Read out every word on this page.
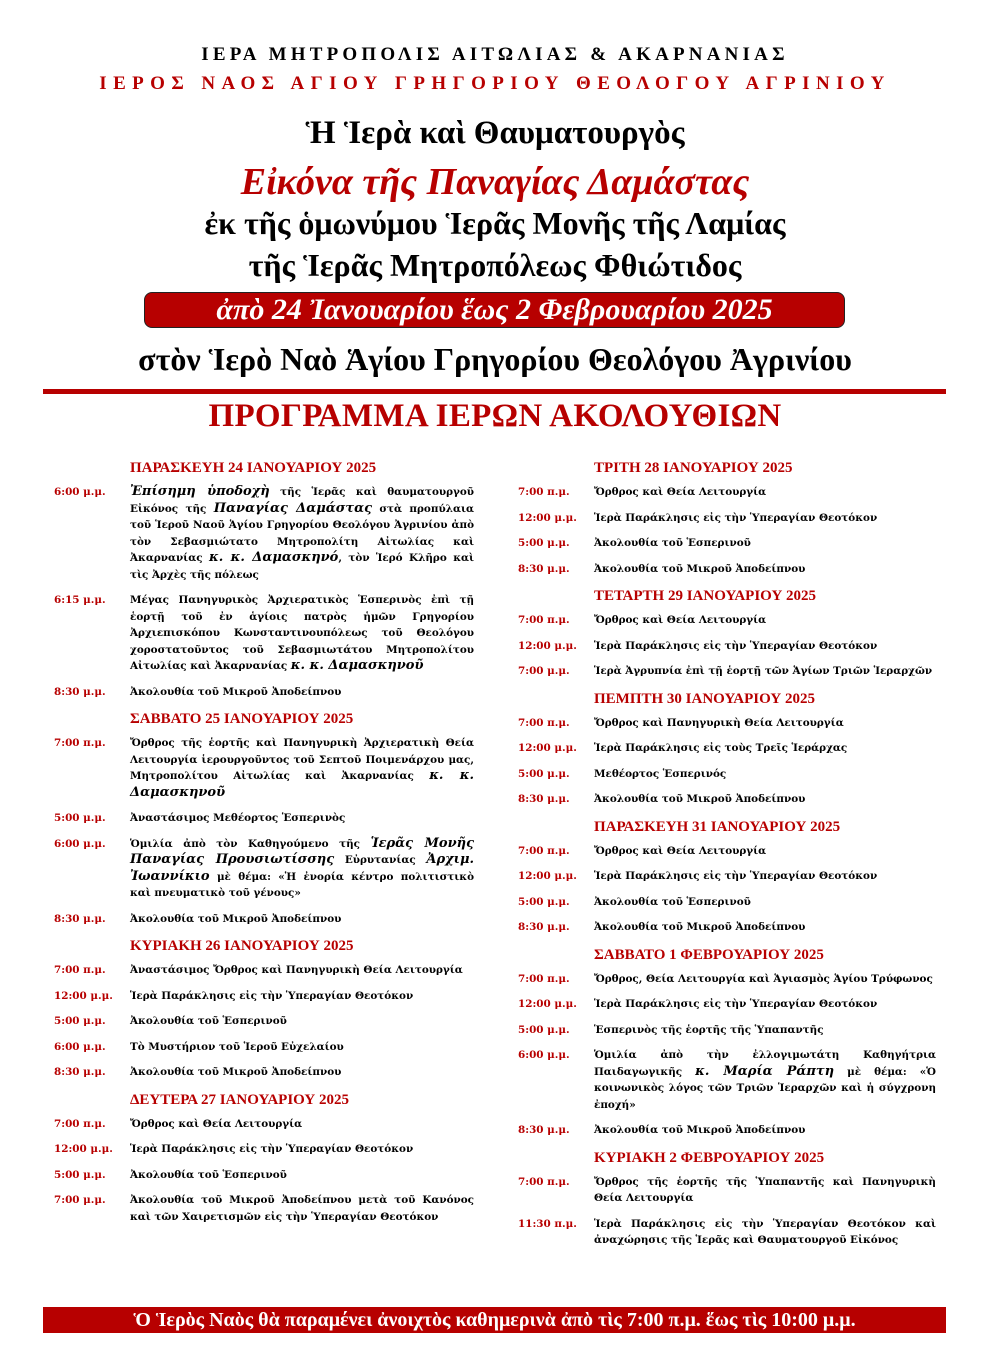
ΙΕΡΑ ΜΗΤΡΟΠΟΛΙΣ ΑΙΤΩΛΙΑΣ & ΑΚΑΡΝΑΝΙΑΣ
ΙΕΡΟΣ ΝΑΟΣ ΑΓΙΟΥ ΓΡΗΓΟΡΙΟΥ ΘΕΟΛΟΓΟΥ ΑΓΡΙΝΙΟΥ
Ἡ Ἱερὰ καὶ Θαυματουργὸς
Εἰκόνα τῆς Παναγίας Δαμάστας
ἐκ τῆς ὁμωνύμου Ἱερᾶς Μονῆς τῆς Λαμίας
τῆς Ἱερᾶς Μητροπόλεως Φθιώτιδος
ἀπὸ 24 Ἰανουαρίου ἕως 2 Φεβρουαρίου 2025
στὸν Ἱερὸ Ναὸ Ἁγίου Γρηγορίου Θεολόγου Ἀγρινίου
ΠΡΟΓΡΑΜΜΑ ΙΕΡΩΝ ΑΚΟΛΟΥΘΙΩΝ
ΠΑΡΑΣΚΕΥΗ 24 ΙΑΝΟΥΑΡΙΟΥ 2025
6:00 μ.μ.	Ἐπίσημη ὑποδοχὴ τῆς Ἱερᾶς καὶ θαυματουργοῦ Εἰκόνος τῆς Παναγίας Δαμάστας στὰ προπύλαια τοῦ Ἱεροῦ Ναοῦ Ἁγίου Γρηγορίου Θεολόγου Ἀγρινίου ἀπὸ τὸν Σεβασμιώτατο Μητροπολίτη Αἰτωλίας καὶ Ἀκαρνανίας κ. κ. Δαμασκηνό, τὸν Ἱερό Κλῆρο καὶ τὶς Ἀρχὲς τῆς πόλεως
6:15 μ.μ.	Μέγας Πανηγυρικὸς Ἀρχιερατικὸς Ἑσπερινὸς ἐπὶ τῇ ἑορτῇ τοῦ ἐν ἁγίοις πατρὸς ἡμῶν Γρηγορίου Ἀρχιεπισκόπου Κωνσταντινουπόλεως τοῦ Θεολόγου χοροστατοῦντος τοῦ Σεβασμιωτάτου Μητροπολίτου Αἰτωλίας καὶ Ἀκαρνανίας κ. κ. Δαμασκηνοῦ
8:30 μ.μ.	Ἀκολουθία τοῦ Μικροῦ Ἀποδείπνου
ΣΑΒΒΑΤΟ 25 ΙΑΝΟΥΑΡΙΟΥ 2025
7:00 π.μ.	Ὄρθρος τῆς ἑορτῆς καὶ Πανηγυρικὴ Ἀρχιερατικὴ Θεία Λειτουργία ἱερουργοῦντος τοῦ Σεπτοῦ Ποιμενάρχου μας, Μητροπολίτου Αἰτωλίας καὶ Ἀκαρνανίας κ. κ. Δαμασκηνοῦ
5:00 μ.μ.	Ἀναστάσιμος Μεθέορτος Ἑσπερινὸς
6:00 μ.μ.	Ὁμιλία ἀπὸ τὸν Καθηγούμενο τῆς Ἱερᾶς Μονῆς Παναγίας Προυσιωτίσσης Εὐρυτανίας Ἀρχιμ. Ἰωαννίκιο μὲ θέμα: «Ἡ ἐνορία κέντρο πολιτιστικὸ καὶ πνευματικὸ τοῦ γένους»
8:30 μ.μ.	Ἀκολουθία τοῦ Μικροῦ Ἀποδείπνου
ΚΥΡΙΑΚΗ 26 ΙΑΝΟΥΑΡΙΟΥ 2025
7:00 π.μ.	Ἀναστάσιμος Ὄρθρος καὶ Πανηγυρικὴ Θεία Λειτουργία
12:00 μ.μ.	Ἱερὰ Παράκλησις εἰς τὴν Ὑπεραγίαν Θεοτόκον
5:00 μ.μ.	Ἀκολουθία τοῦ Ἑσπερινοῦ
6:00 μ.μ.	Τὸ Μυστήριον τοῦ Ἱεροῦ Εὐχελαίου
8:30 μ.μ.	Ἀκολουθία τοῦ Μικροῦ Ἀποδείπνου
ΔΕΥΤΕΡΑ 27 ΙΑΝΟΥΑΡΙΟΥ 2025
7:00 π.μ.	Ὄρθρος καὶ Θεία Λειτουργία
12:00 μ.μ.	Ἱερὰ Παράκλησις εἰς τὴν Ὑπεραγίαν Θεοτόκον
5:00 μ.μ.	Ἀκολουθία τοῦ Ἑσπερινοῦ
7:00 μ.μ.	Ἀκολουθία τοῦ Μικροῦ Ἀποδείπνου μετὰ τοῦ Κανόνος καὶ τῶν Χαιρετισμῶν εἰς τὴν Ὑπεραγίαν Θεοτόκον
ΤΡΙΤΗ 28 ΙΑΝΟΥΑΡΙΟΥ 2025
7:00 π.μ.	Ὄρθρος καὶ Θεία Λειτουργία
12:00 μ.μ.	Ἱερὰ Παράκλησις εἰς τὴν Ὑπεραγίαν Θεοτόκον
5:00 μ.μ.	Ἀκολουθία τοῦ Ἑσπερινοῦ
8:30 μ.μ.	Ἀκολουθία τοῦ Μικροῦ Ἀποδείπνου
ΤΕΤΑΡΤΗ 29 ΙΑΝΟΥΑΡΙΟΥ 2025
7:00 π.μ.	Ὄρθρος καὶ Θεία Λειτουργία
12:00 μ.μ.	Ἱερὰ Παράκλησις εἰς τὴν Ὑπεραγίαν Θεοτόκον
7:00 μ.μ.	Ἱερὰ Ἀγρυπνία ἐπὶ τῇ ἑορτῇ τῶν Ἁγίων Τριῶν Ἱεραρχῶν
ΠΕΜΠΤΗ 30 ΙΑΝΟΥΑΡΙΟΥ 2025
7:00 π.μ.	Ὄρθρος καὶ Πανηγυρικὴ Θεία Λειτουργία
12:00 μ.μ.	Ἱερὰ Παράκλησις εἰς τοὺς Τρεῖς Ἱεράρχας
5:00 μ.μ.	Μεθέορτος Ἑσπερινός
8:30 μ.μ.	Ἀκολουθία τοῦ Μικροῦ Ἀποδείπνου
ΠΑΡΑΣΚΕΥΗ 31 ΙΑΝΟΥΑΡΙΟΥ 2025
7:00 π.μ.	Ὄρθρος καὶ Θεία Λειτουργία
12:00 μ.μ.	Ἱερὰ Παράκλησις εἰς τὴν Ὑπεραγίαν Θεοτόκον
5:00 μ.μ.	Ἀκολουθία τοῦ Ἑσπερινοῦ
8:30 μ.μ.	Ἀκολουθία τοῦ Μικροῦ Ἀποδείπνου
ΣΑΒΒΑΤΟ 1 ΦΕΒΡΟΥΑΡΙΟΥ 2025
7:00 π.μ.	Ὄρθρος, Θεία Λειτουργία καὶ Ἁγιασμὸς Ἁγίου Τρύφωνος
12:00 μ.μ.	Ἱερὰ Παράκλησις εἰς τὴν Ὑπεραγίαν Θεοτόκον
5:00 μ.μ.	Ἑσπερινὸς τῆς ἑορτῆς τῆς Ὑπαπαντῆς
6:00 μ.μ.	Ὁμιλία ἀπὸ τὴν ἐλλογιμωτάτη Καθηγήτρια Παιδαγωγικῆς κ. Μαρία Ράπτη μὲ θέμα: «Ὁ κοινωνικὸς λόγος τῶν Τριῶν Ἱεραρχῶν καὶ ἡ σύγχρονη ἐποχή»
8:30 μ.μ.	Ἀκολουθία τοῦ Μικροῦ Ἀποδείπνου
ΚΥΡΙΑΚΗ 2 ΦΕΒΡΟΥΑΡΙΟΥ 2025
7:00 π.μ.	Ὄρθρος τῆς ἑορτῆς τῆς Ὑπαπαντῆς καὶ Πανηγυρικὴ Θεία Λειτουργία
11:30 π.μ.	Ἱερὰ Παράκλησις εἰς τὴν Ὑπεραγίαν Θεοτόκον καὶ ἀναχώρησις τῆς Ἱερᾶς καὶ Θαυματουργοῦ Εἰκόνος
Ὁ Ἱερὸς Ναὸς θὰ παραμένει ἀνοιχτὸς καθημερινὰ ἀπὸ τὶς 7:00 π.μ. ἕως τὶς 10:00 μ.μ.
